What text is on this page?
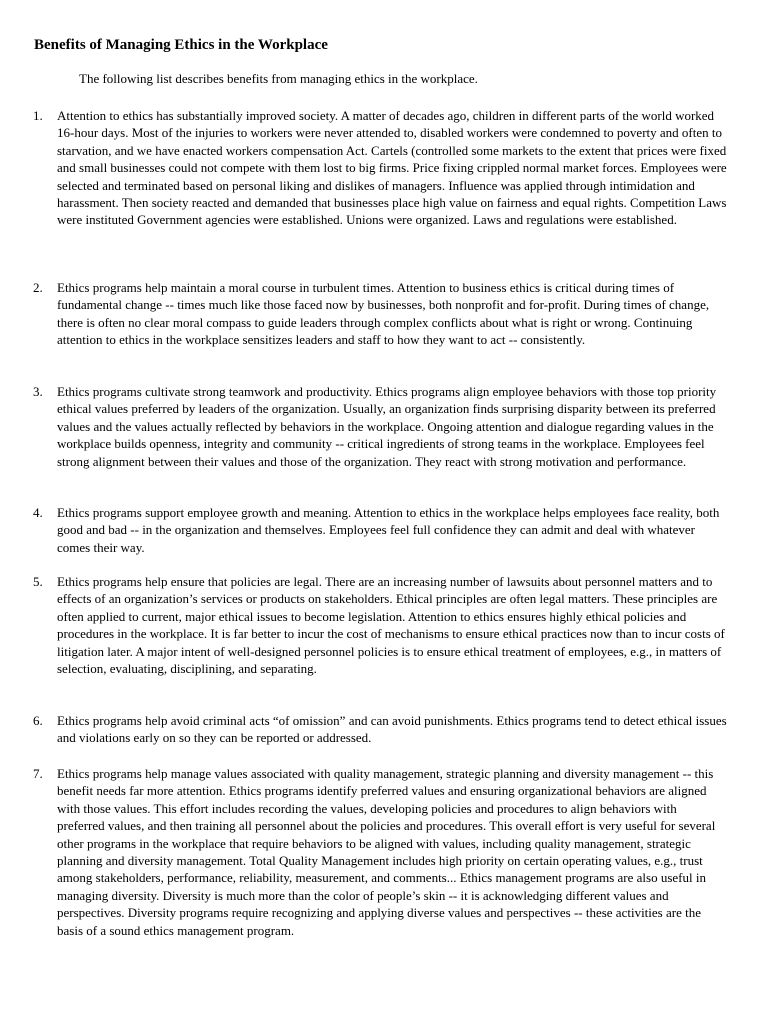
Benefits of Managing Ethics in the Workplace

The following list describes benefits from managing ethics in the workplace.

1.	Attention to ethics has substantially improved society. A matter of decades ago, children in different parts of the world worked 16-hour days. Most of the injuries to workers were never attended to, disabled workers were condemned to poverty and often to starvation, and we have enacted workers compensation Act. Cartels (controlled some markets to the extent that prices were fixed and small businesses could not compete with them lost to big firms. Price fixing crippled normal market forces. Employees were selected and terminated based on personal liking and dislikes of managers. Influence was applied through intimidation and harassment. Then society reacted and demanded that businesses place high value on fairness and equal rights. Competition Laws were instituted Government agencies were established. Unions were organized. Laws and regulations were established.

2.	Ethics programs help maintain a moral course in turbulent times. Attention to business ethics is critical during times of fundamental change -- times much like those faced now by businesses, both nonprofit and for-profit. During times of change, there is often no clear moral compass to guide leaders through complex conflicts about what is right or wrong. Continuing attention to ethics in the workplace sensitizes leaders and staff to how they want to act -- consistently.

3.	Ethics programs cultivate strong teamwork and productivity. Ethics programs align employee behaviors with those top priority ethical values preferred by leaders of the organization. Usually, an organization finds surprising disparity between its preferred values and the values actually reflected by behaviors in the workplace. Ongoing attention and dialogue regarding values in the workplace builds openness, integrity and community -- critical ingredients of strong teams in the workplace. Employees feel strong alignment between their values and those of the organization. They react with strong motivation and performance.

4.	Ethics programs support employee growth and meaning. Attention to ethics in the workplace helps employees face reality, both good and bad -- in the organization and themselves. Employees feel full confidence they can admit and deal with whatever comes their way.

5.	Ethics programs help ensure that policies are legal. There are an increasing number of lawsuits about personnel matters and to effects of an organization’s services or products on stakeholders. Ethical principles are often legal matters. These principles are often applied to current, major ethical issues to become legislation. Attention to ethics ensures highly ethical policies and procedures in the workplace. It is far better to incur the cost of mechanisms to ensure ethical practices now than to incur costs of litigation later. A major intent of well-designed personnel policies is to ensure ethical treatment of employees, e.g., in matters of selection, evaluating, disciplining, and separating.

6.	Ethics programs help avoid criminal acts “of omission” and can avoid punishments. Ethics programs tend to detect ethical issues and violations early on so they can be reported or addressed.

7.	Ethics programs help manage values associated with quality management, strategic planning and diversity management -- this benefit needs far more attention. Ethics programs identify preferred values and ensuring organizational behaviors are aligned with those values. This effort includes recording the values, developing policies and procedures to align behaviors with preferred values, and then training all personnel about the policies and procedures. This overall effort is very useful for several other programs in the workplace that require behaviors to be aligned with values, including quality management, strategic planning and diversity management. Total Quality Management includes high priority on certain operating values, e.g., trust among stakeholders, performance, reliability, measurement, and comments... Ethics management programs are also useful in managing diversity. Diversity is much more than the color of people’s skin -- it is acknowledging different values and perspectives. Diversity programs require recognizing and applying diverse values and perspectives -- these activities are the basis of a sound ethics management program.
